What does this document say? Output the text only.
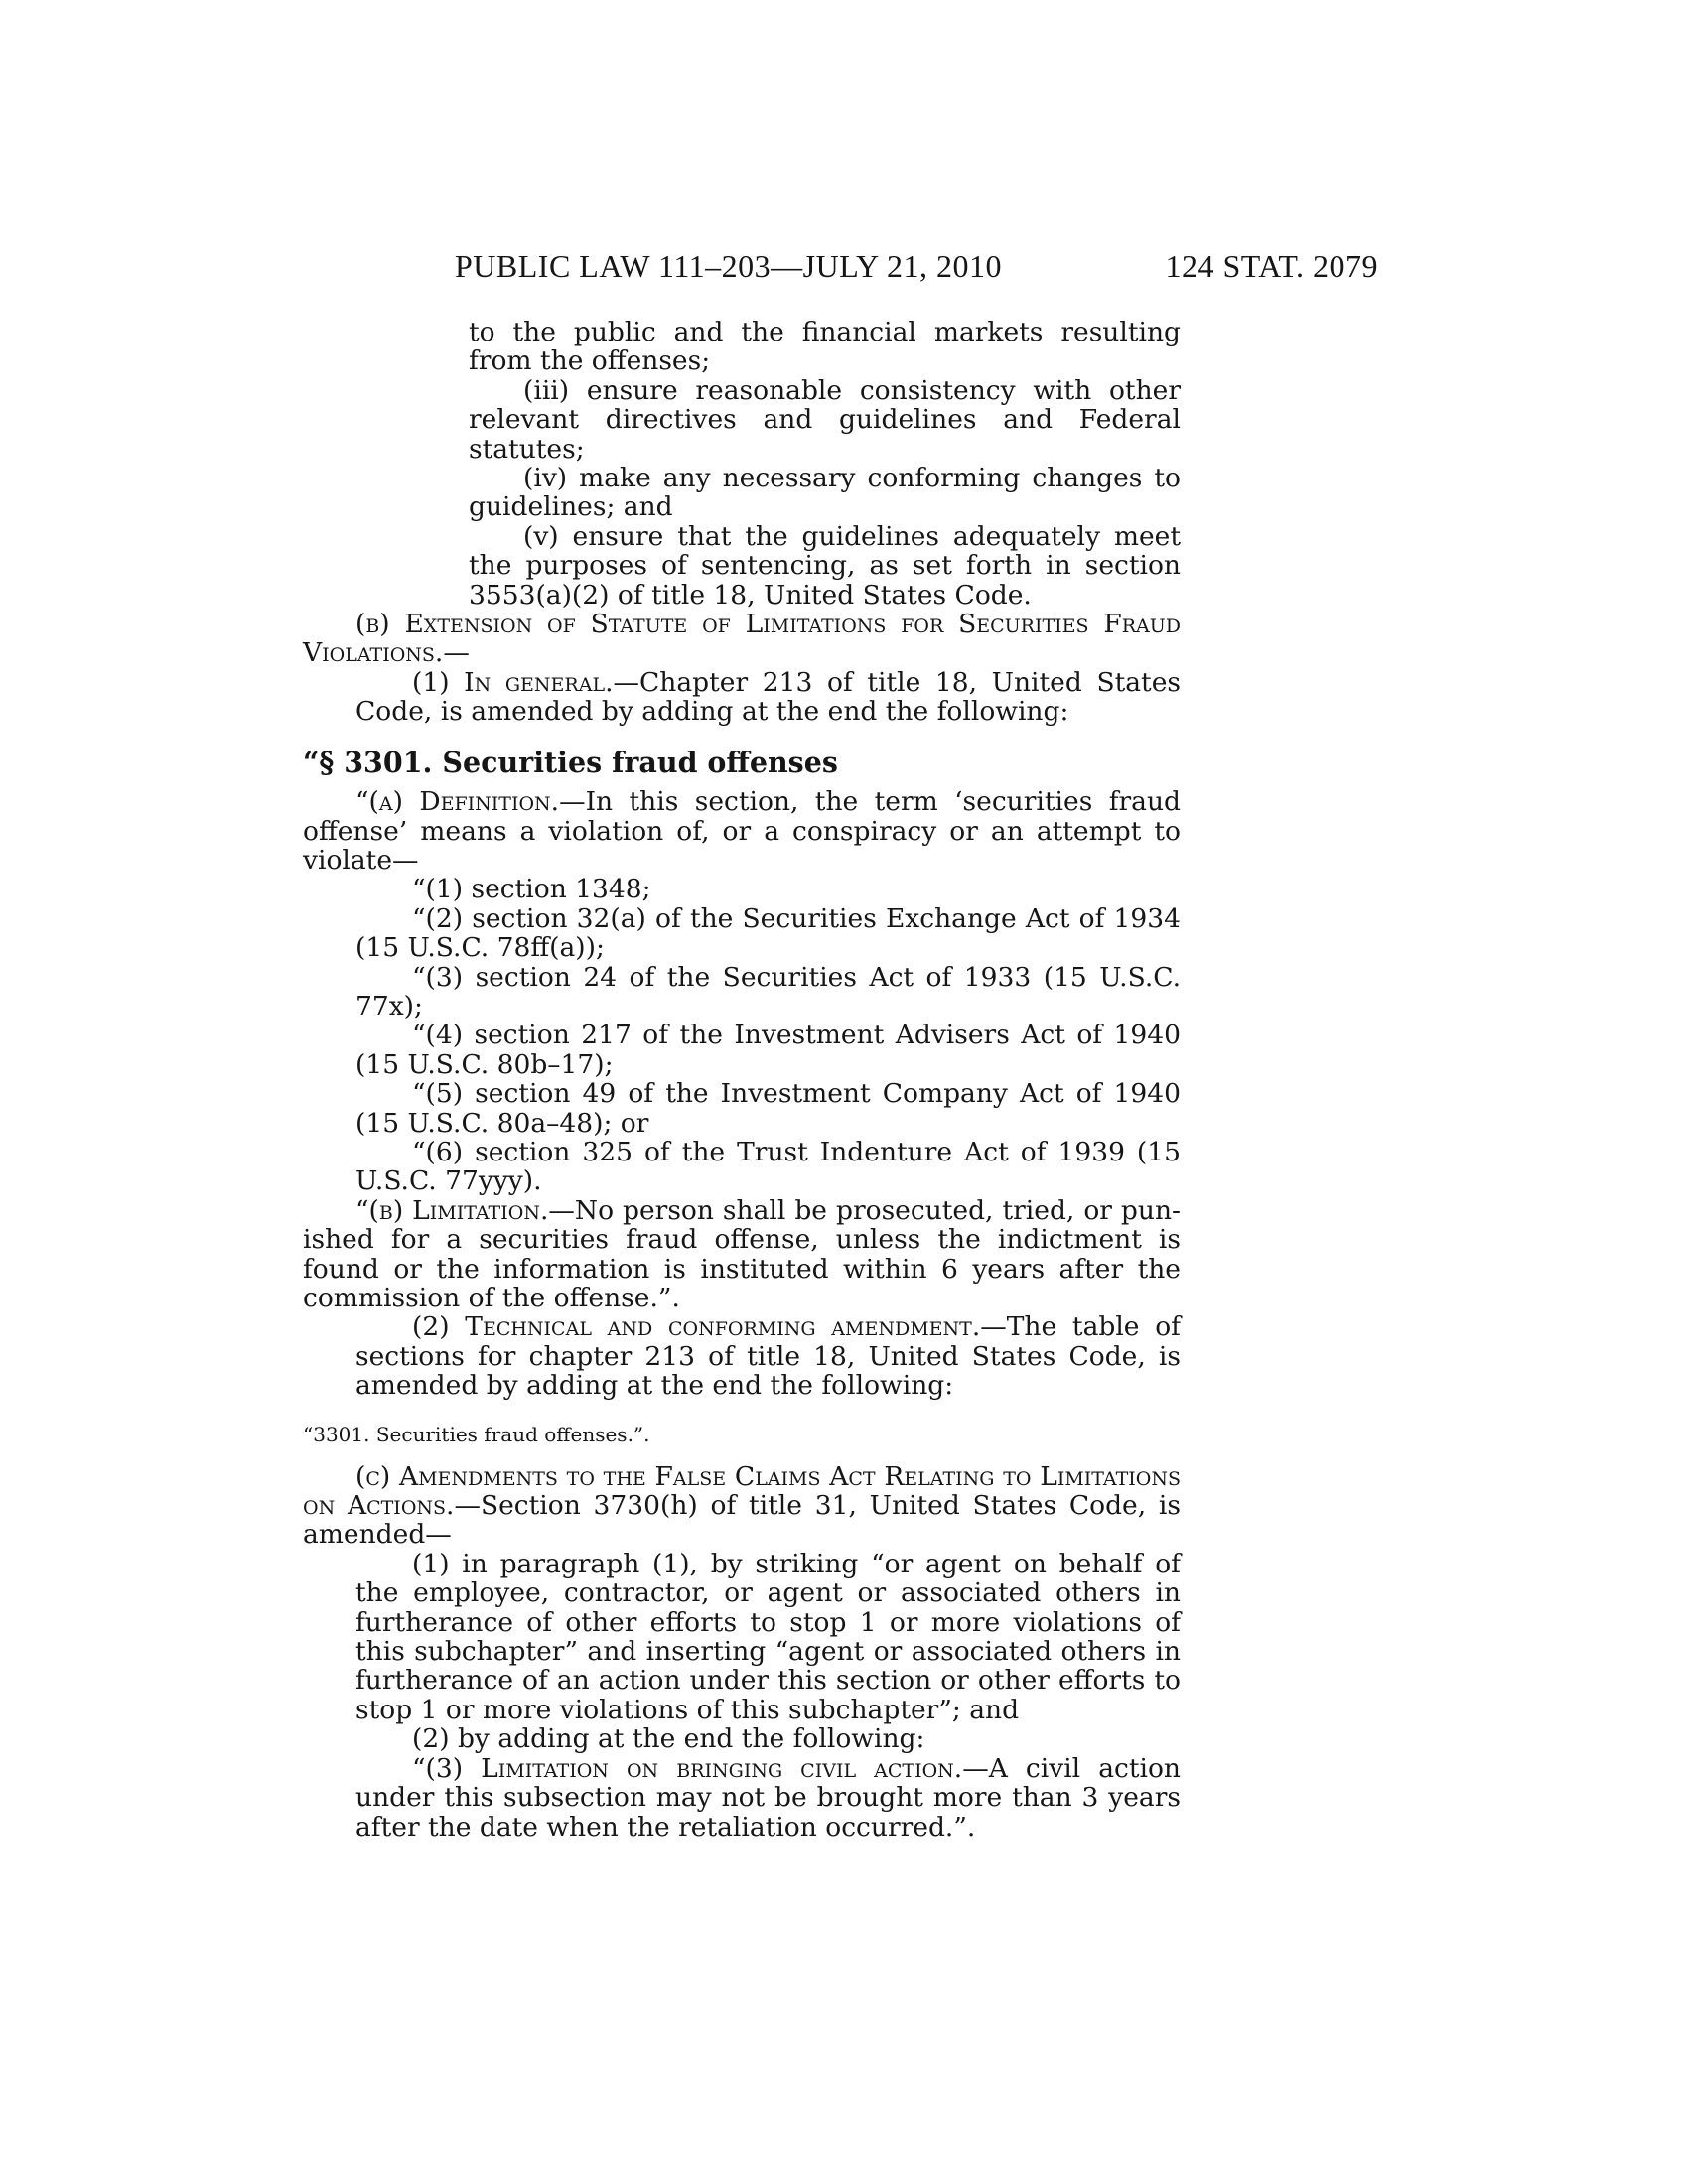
PUBLIC LAW 111–203—JULY 21, 2010	124 STAT. 2079

to the public and the financial markets resulting from the offenses;

(iii) ensure reasonable consistency with other relevant directives and guidelines and Federal statutes;

(iv) make any necessary conforming changes to guidelines; and

(v) ensure that the guidelines adequately meet the purposes of sentencing, as set forth in section 3553(a)(2) of title 18, United States Code.

(b) Extension of Statute of Limitations for Securities Fraud Violations.—

(1) In general.—Chapter 213 of title 18, United States Code, is amended by adding at the end the following:

“§ 3301. Securities fraud offenses

“(a) Definition.—In this section, the term ‘securities fraud offense’ means a violation of, or a conspiracy or an attempt to violate—

“(1) section 1348;

“(2) section 32(a) of the Securities Exchange Act of 1934 (15 U.S.C. 78ff(a));

“(3) section 24 of the Securities Act of 1933 (15 U.S.C. 77x);

“(4) section 217 of the Investment Advisers Act of 1940 (15 U.S.C. 80b–17);

“(5) section 49 of the Investment Company Act of 1940 (15 U.S.C. 80a–48); or

“(6) section 325 of the Trust Indenture Act of 1939 (15 U.S.C. 77yyy).

“(b) Limitation.—No person shall be prosecuted, tried, or punished for a securities fraud offense, unless the indictment is found or the information is instituted within 6 years after the commission of the offense.”.

(2) Technical and conforming amendment.—The table of sections for chapter 213 of title 18, United States Code, is amended by adding at the end the following:

“3301. Securities fraud offenses.”.

(c) Amendments to the False Claims Act Relating to Limitations on Actions.—Section 3730(h) of title 31, United States Code, is amended—

(1) in paragraph (1), by striking “or agent on behalf of the employee, contractor, or agent or associated others in furtherance of other efforts to stop 1 or more violations of this subchapter” and inserting “agent or associated others in furtherance of an action under this section or other efforts to stop 1 or more violations of this subchapter”; and

(2) by adding at the end the following:

“(3) Limitation on bringing civil action.—A civil action under this subsection may not be brought more than 3 years after the date when the retaliation occurred.”.
